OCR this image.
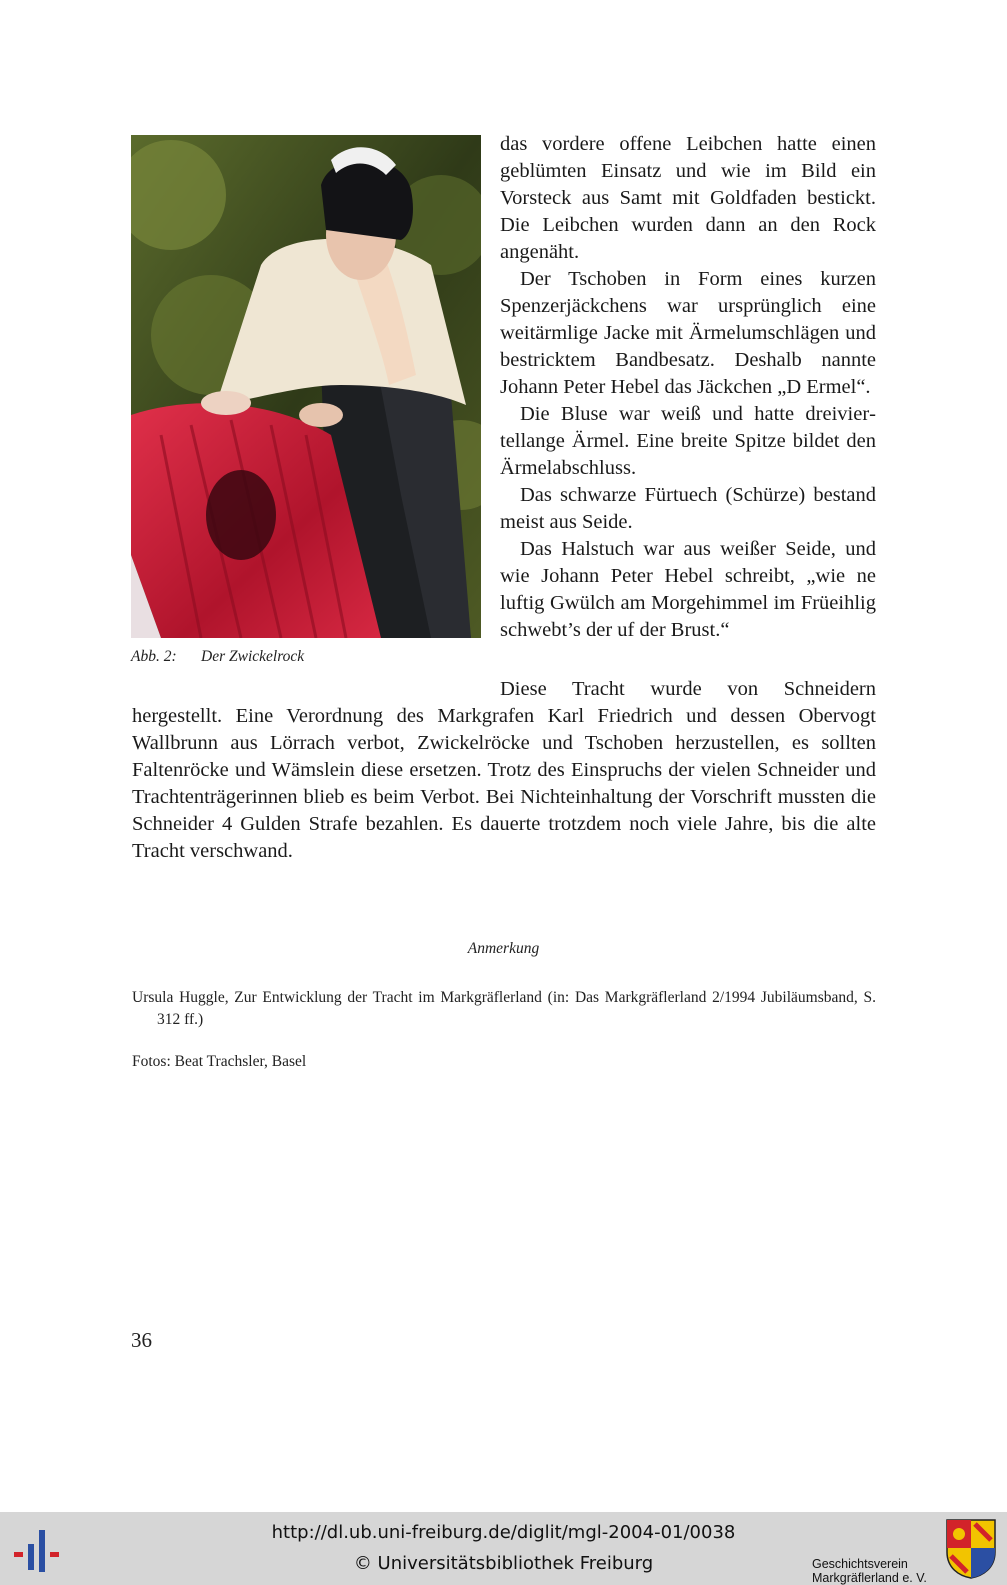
Abb. 2: Der Zwickelrock

das vordere offene Leibchen hatte einen geblümten Einsatz und wie im Bild ein Vorsteck aus Samt mit Goldfaden bestickt. Die Leibchen wurden dann an den Rock angenäht.

Der Tschoben in Form eines kurzen Spenzerjäckchens war ursprünglich eine weitärmlige Jacke mit Ärmelumschlägen und bestricktem Bandbesatz. Deshalb nannte Johann Peter Hebel das Jäckchen „D Ermel“.

Die Bluse war weiß und hatte dreiviertellange Ärmel. Eine breite Spitze bildet den Ärmelabschluss.

Das schwarze Fürtuech (Schürze) bestand meist aus Seide.

Das Halstuch war aus weißer Seide, und wie Johann Peter Hebel schreibt, „wie ne luftig Gwülch am Morgehimmel im Früeihlig schwebt’s der uf der Brust.“

Diese Tracht wurde von Schneidern
hergestellt. Eine Verordnung des Markgrafen Karl Friedrich und dessen Obervogt Wallbrunn aus Lörrach verbot, Zwickelröcke und Tschoben herzustellen, es sollten Faltenröcke und Wämslein diese ersetzen. Trotz des Einspruchs der vielen Schneider und Trachtenträgerinnen blieb es beim Verbot. Bei Nichteinhaltung der Vorschrift mussten die Schneider 4 Gulden Strafe bezahlen. Es dauerte trotzdem noch viele Jahre, bis die alte Tracht verschwand.
Anmerkung
Ursula Huggle, Zur Entwicklung der Tracht im Markgräflerland (in: Das Markgräflerland 2/1994 Jubiläumsband, S. 312 ff.)
Fotos: Beat Trachsler, Basel
36
http://dl.ub.uni-freiburg.de/diglit/mgl-2004-01/0038
© Universitätsbibliothek Freiburg	Geschichtsverein
Markgräflerland e. V.
